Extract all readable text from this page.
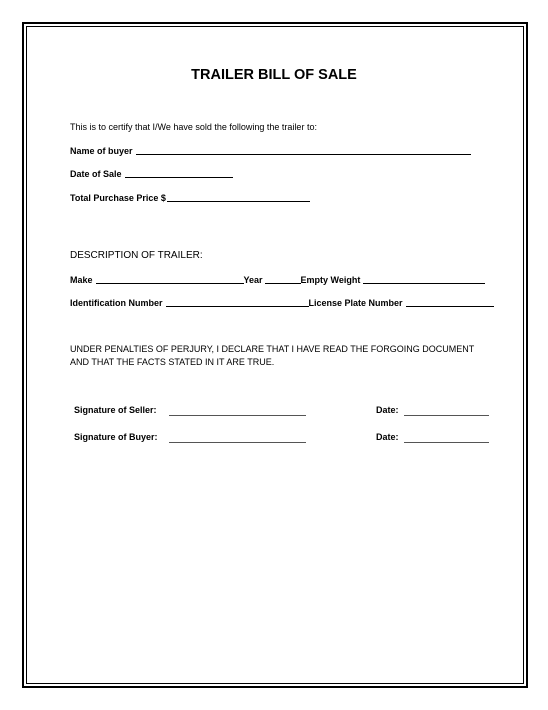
TRAILER BILL OF SALE
This is to certify that I/We have sold the following the trailer to:
Name of buyer
Date of Sale
Total Purchase Price $
DESCRIPTION OF TRAILER:
Make	Year	Empty Weight
Identification Number	License Plate Number
UNDER PENALTIES OF PERJURY, I DECLARE THAT I HAVE READ THE FORGOING DOCUMENT AND THAT THE FACTS STATED IN IT ARE TRUE.
Signature of Seller:	Date:
Signature of Buyer:	Date:
